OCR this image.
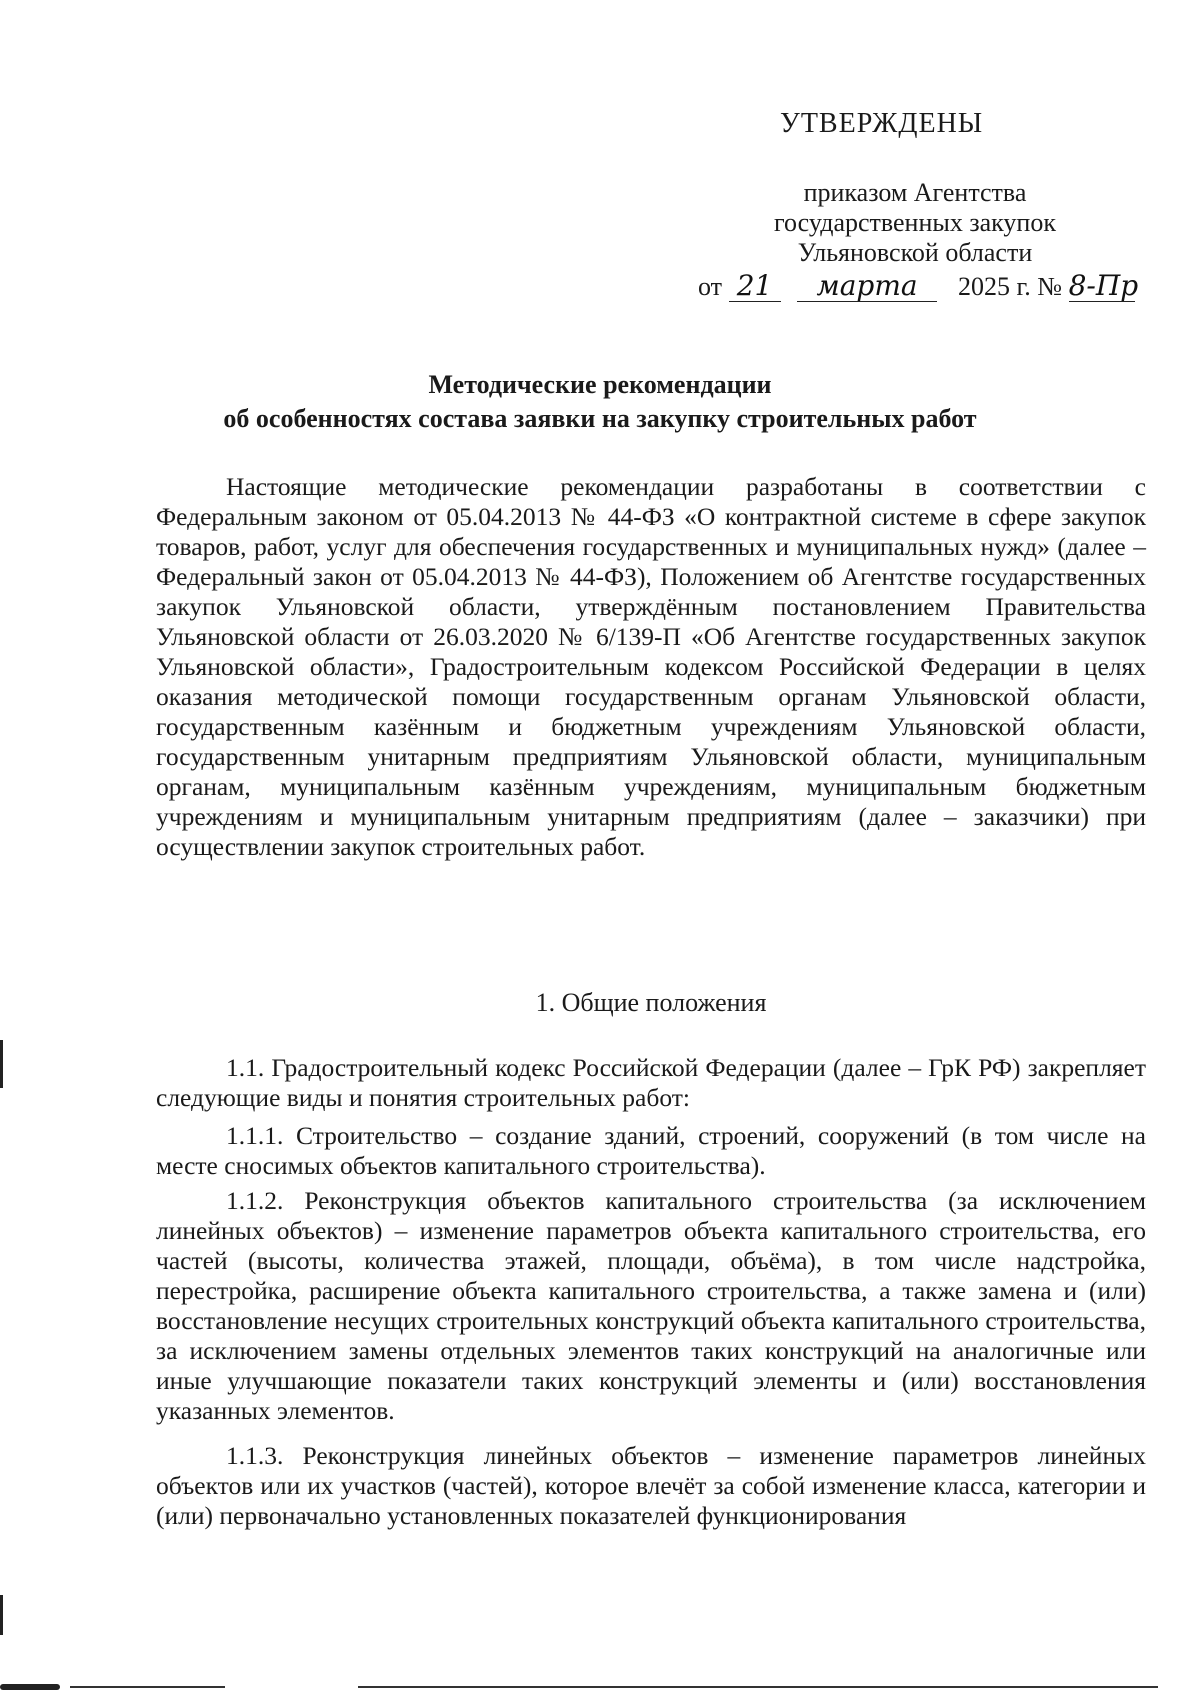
УТВЕРЖДЕНЫ
приказом Агентства
государственных закупок
Ульяновской области
от 21 марта 2025 г. № 8-Пр
Методические рекомендации
об особенностях состава заявки на закупку строительных работ
Настоящие методические рекомендации разработаны в соответствии с Федеральным законом от 05.04.2013 № 44-ФЗ «О контрактной системе в сфере закупок товаров, работ, услуг для обеспечения государственных и муниципальных нужд» (далее – Федеральный закон от 05.04.2013 № 44-ФЗ), Положением об Агентстве государственных закупок Ульяновской области, утверждённым постановлением Правительства Ульяновской области от 26.03.2020 № 6/139-П «Об Агентстве государственных закупок Ульяновской области», Градостроительным кодексом Российской Федерации в целях оказания методической помощи государственным органам Ульяновской области, государственным казённым и бюджетным учреждениям Ульяновской области, государственным унитарным предприятиям Ульяновской области, муниципальным органам, муниципальным казённым учреждениям, муниципальным бюджетным учреждениям и муниципальным унитарным предприятиям (далее – заказчики) при осуществлении закупок строительных работ.
1. Общие положения
1.1. Градостроительный кодекс Российской Федерации (далее – ГрК РФ) закрепляет следующие виды и понятия строительных работ:
1.1.1. Строительство – создание зданий, строений, сооружений (в том числе на месте сносимых объектов капитального строительства).
1.1.2. Реконструкция объектов капитального строительства (за исключением линейных объектов) – изменение параметров объекта капитального строительства, его частей (высоты, количества этажей, площади, объёма), в том числе надстройка, перестройка, расширение объекта капитального строительства, а также замена и (или) восстановление несущих строительных конструкций объекта капитального строительства, за исключением замены отдельных элементов таких конструкций на аналогичные или иные улучшающие показатели таких конструкций элементы и (или) восстановления указанных элементов.
1.1.3. Реконструкция линейных объектов – изменение параметров линейных объектов или их участков (частей), которое влечёт за собой изменение класса, категории и (или) первоначально установленных показателей функционирования
